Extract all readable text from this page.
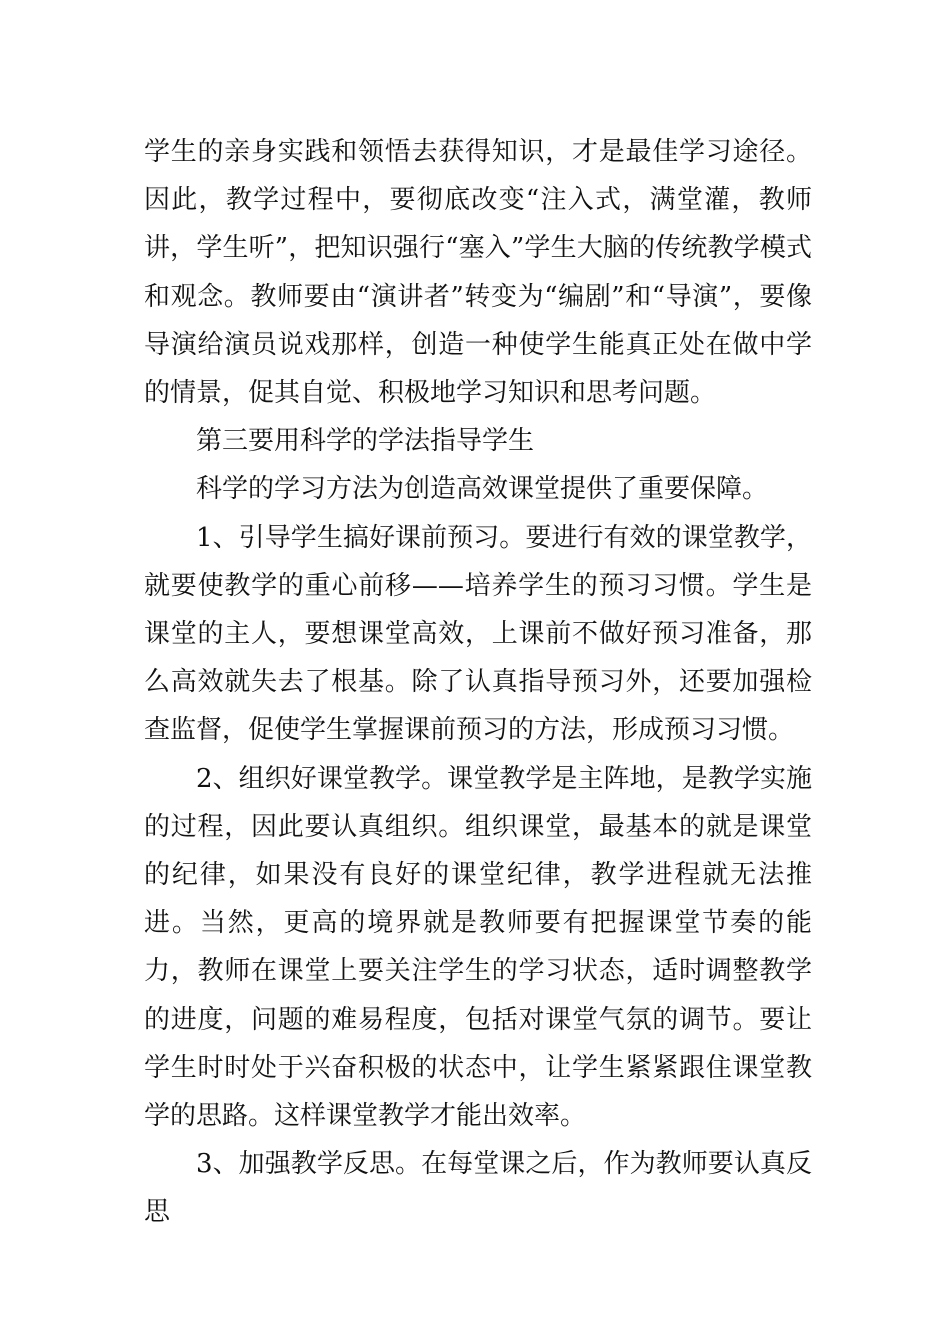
学生的亲身实践和领悟去获得知识，才是最佳学习途径。因此，教学过程中，要彻底改变“注入式，满堂灌，教师讲，学生听”，把知识强行“塞入”学生大脑的传统教学模式和观念。教师要由“演讲者”转变为“编剧”和“导演”，要像导演给演员说戏那样，创造一种使学生能真正处在做中学的情景，促其自觉、积极地学习知识和思考问题。

第三要用科学的学法指导学生

科学的学习方法为创造高效课堂提供了重要保障。

1、引导学生搞好课前预习。要进行有效的课堂教学，就要使教学的重心前移——培养学生的预习习惯。学生是课堂的主人，要想课堂高效，上课前不做好预习准备，那么高效就失去了根基。除了认真指导预习外，还要加强检查监督，促使学生掌握课前预习的方法，形成预习习惯。

2、组织好课堂教学。课堂教学是主阵地，是教学实施的过程，因此要认真组织。组织课堂，最基本的就是课堂的纪律，如果没有良好的课堂纪律，教学进程就无法推进。当然，更高的境界就是教师要有把握课堂节奏的能力，教师在课堂上要关注学生的学习状态，适时调整教学的进度，问题的难易程度，包括对课堂气氛的调节。要让学生时时处于兴奋积极的状态中，让学生紧紧跟住课堂教学的思路。这样课堂教学才能出效率。

3、加强教学反思。在每堂课之后，作为教师要认真反思
